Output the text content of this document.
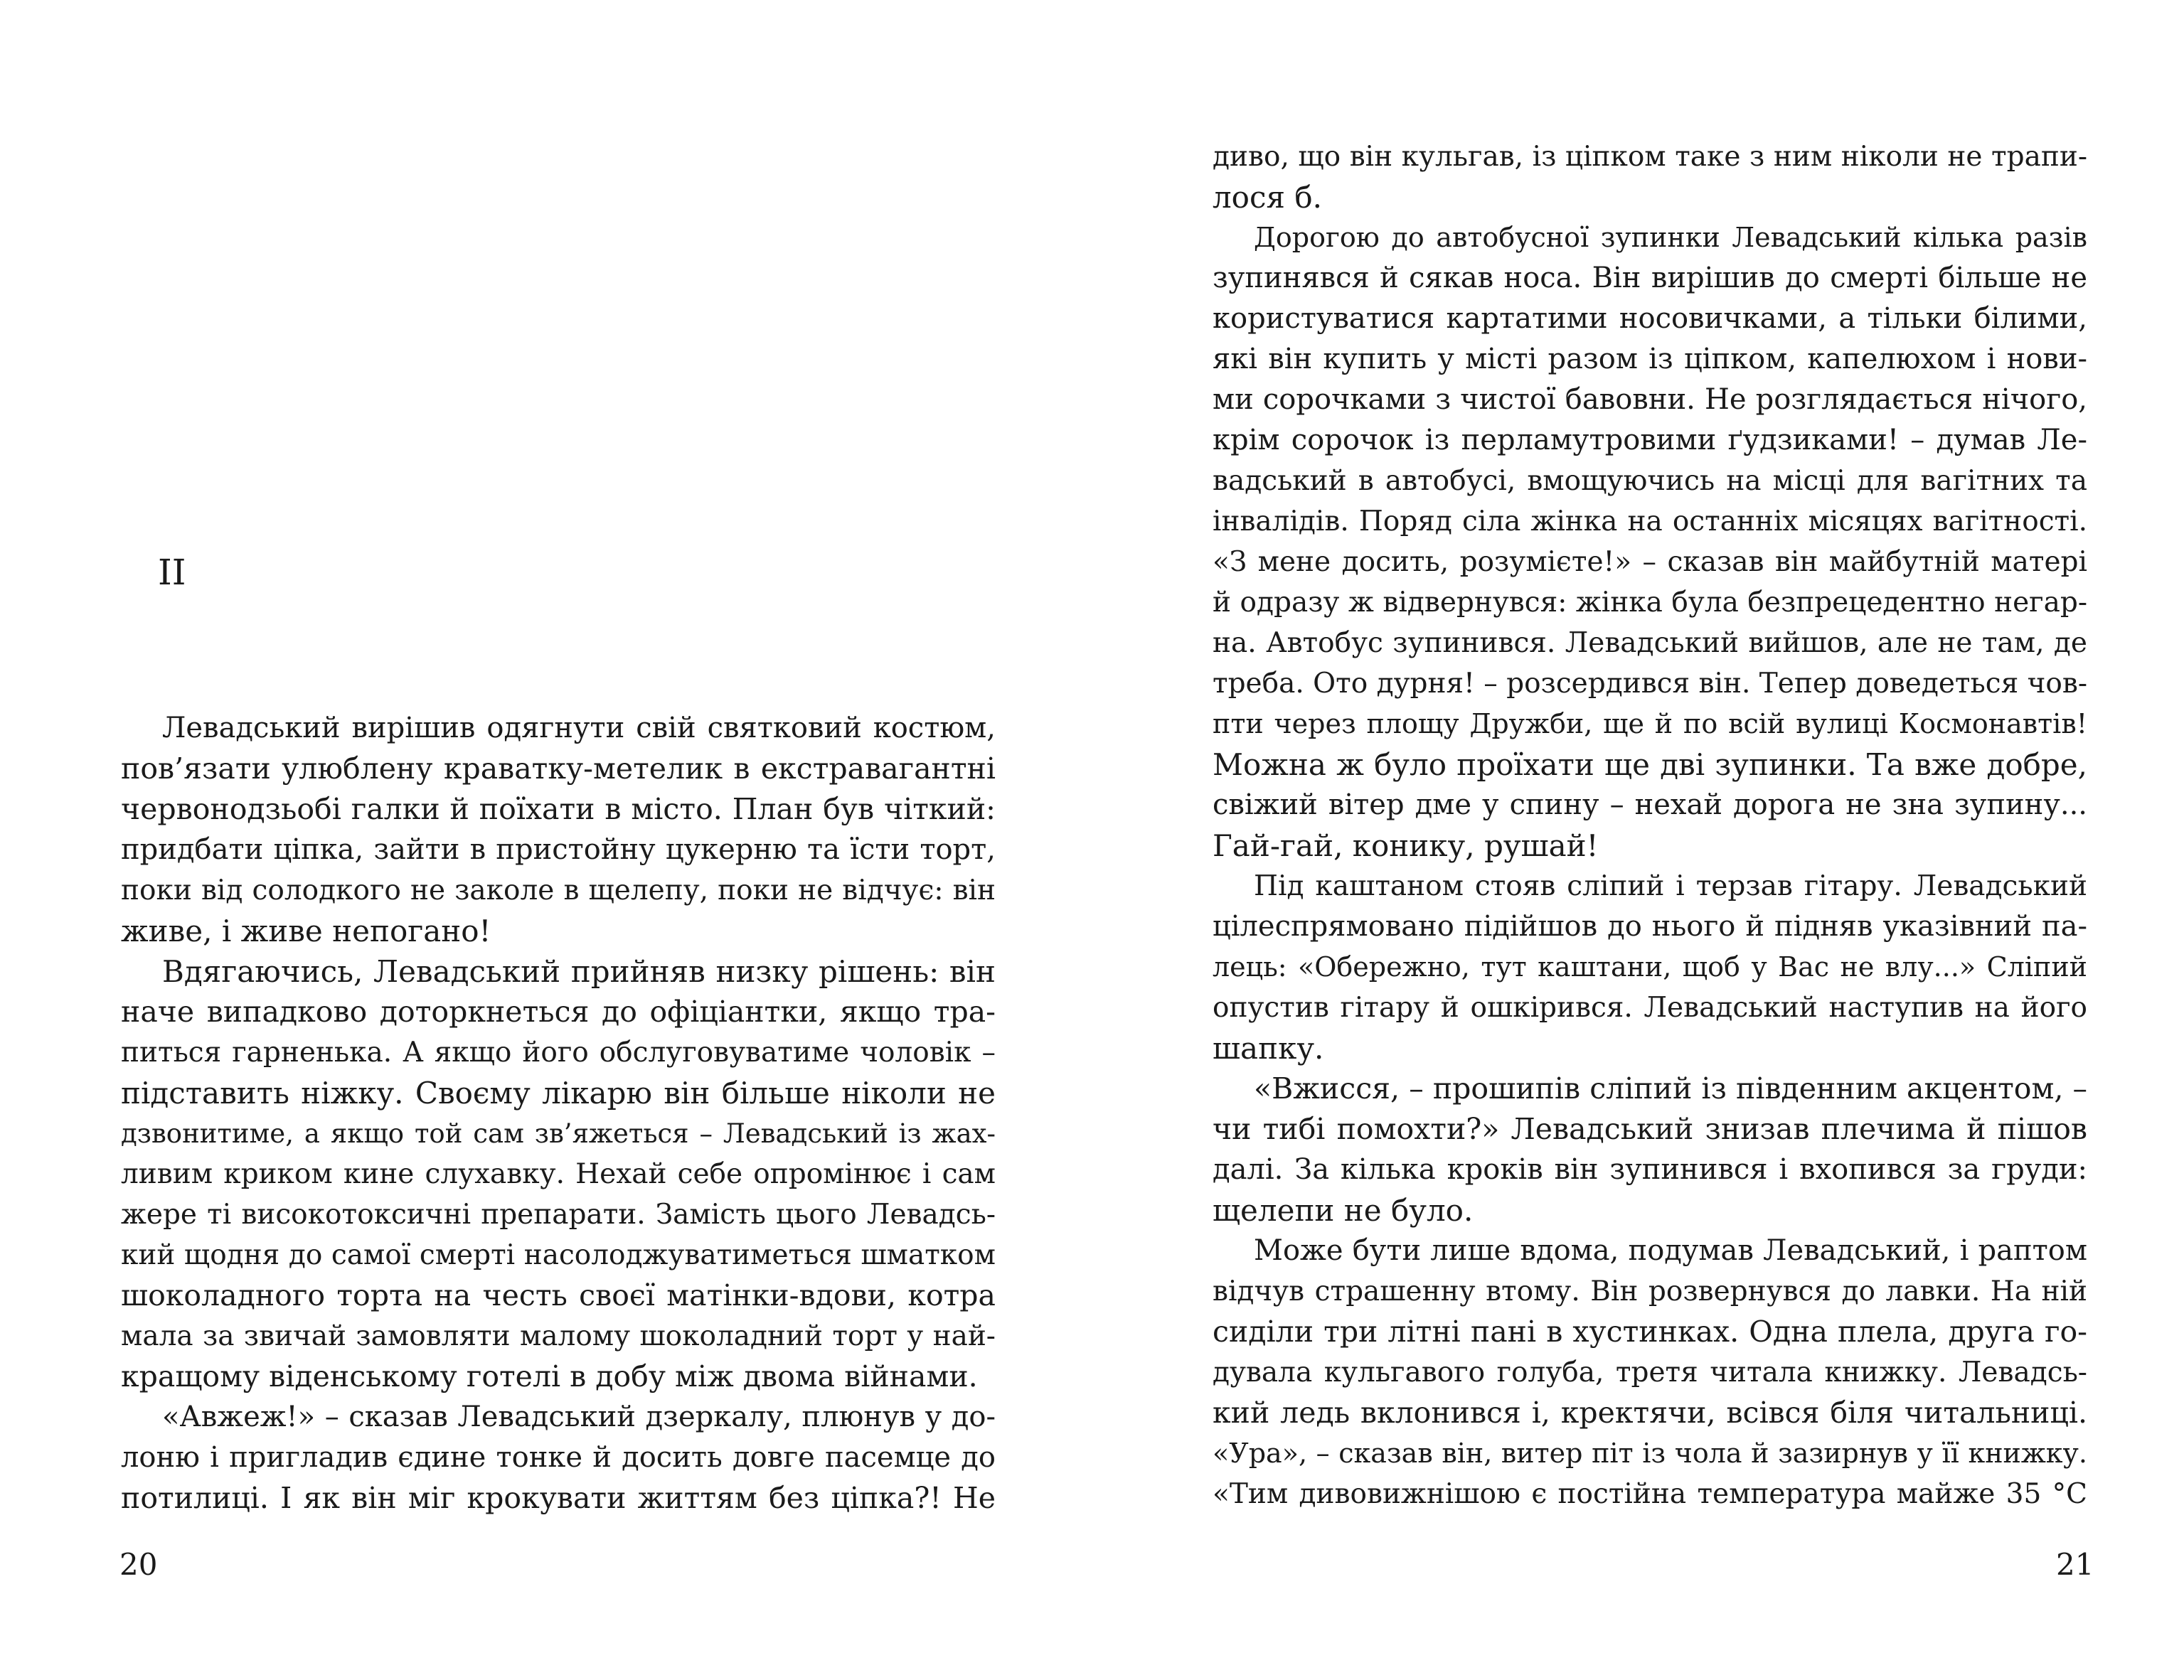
II

Левадський вирішив одягнути свій святковий костюм,
пов’язати улюблену краватку-метелик в екстравагантні
червонодзьобі галки й поїхати в місто. План був чіткий:
придбати ціпка, зайти в пристойну цукерню та їсти торт,
поки від солодкого не заколе в щелепу, поки не відчує: він
живе, і живе непогано!

Вдягаючись, Левадський прийняв низку рішень: він
наче випадково доторкнеться до офіціантки, якщо тра-
питься гарненька. А якщо його обслуговуватиме чоловік –
підставить ніжку. Своєму лікарю він більше ніколи не
дзвонитиме, а якщо той сам зв’яжеться – Левадський із жах-
ливим криком кине слухавку. Нехай себе опромінює і сам
жере ті високотоксичні препарати. Замість цього Левадсь-
кий щодня до самої смерті насолоджуватиметься шматком
шоколадного торта на честь своєї матінки-вдови, котра
мала за звичай замовляти малому шоколадний торт у най-
кращому віденському готелі в добу між двома війнами.

«Авжеж!» – сказав Левадський дзеркалу, плюнув у до-
лоню і пригладив єдине тонке й досить довге пасемце до
потилиці. І як він міг крокувати життям без ціпка?! Не

20

диво, що він кульгав, із ціпком таке з ним ніколи не трапи-
лося б.

Дорогою до автобусної зупинки Левадський кілька разів
зупинявся й сякав носа. Він вирішив до смерті більше не
користуватися картатими носовичками, а тільки білими,
які він купить у місті разом із ціпком, капелюхом і нови-
ми сорочками з чистої бавовни. Не розглядається нічого,
крім сорочок із перламутровими ґудзиками! – думав Ле-
вадський в автобусі, вмощуючись на місці для вагітних та
інвалідів. Поряд сіла жінка на останніх місяцях вагітності.
«З мене досить, розумієте!» – сказав він майбутній матері
й одразу ж відвернувся: жінка була безпрецедентно негар-
на. Автобус зупинився. Левадський вийшов, але не там, де
треба. Ото дурня! – розсердився він. Тепер доведеться чов-
пти через площу Дружби, ще й по всій вулиці Космонавтів!
Можна ж було проїхати ще дві зупинки. Та вже добре,
свіжий вітер дме у спину – нехай дорога не зна зупину...
Гай-гай, конику, рушай!

Під каштаном стояв сліпий і терзав гітару. Левадський
цілеспрямовано підійшов до нього й підняв указівний па-
лець: «Обережно, тут каштани, щоб у Вас не влу...» Сліпий
опустив гітару й ошкірився. Левадський наступив на його
шапку.

«Вжисся, – прошипів сліпий із південним акцентом, –
чи тибі помохти?» Левадський знизав плечима й пішов
далі. За кілька кроків він зупинився і вхопився за груди:
щелепи не було.

Може бути лише вдома, подумав Левадський, і раптом
відчув страшенну втому. Він розвернувся до лавки. На ній
сиділи три літні пані в хустинках. Одна плела, друга го-
дувала кульгавого голуба, третя читала книжку. Левадсь-
кий ледь вклонився і, кректячи, всівся біля читальниці.
«Ура», – сказав він, витер піт із чола й зазирнув у її книжку.
«Тим дивовижнішою є постійна температура майже 35 °С

21
